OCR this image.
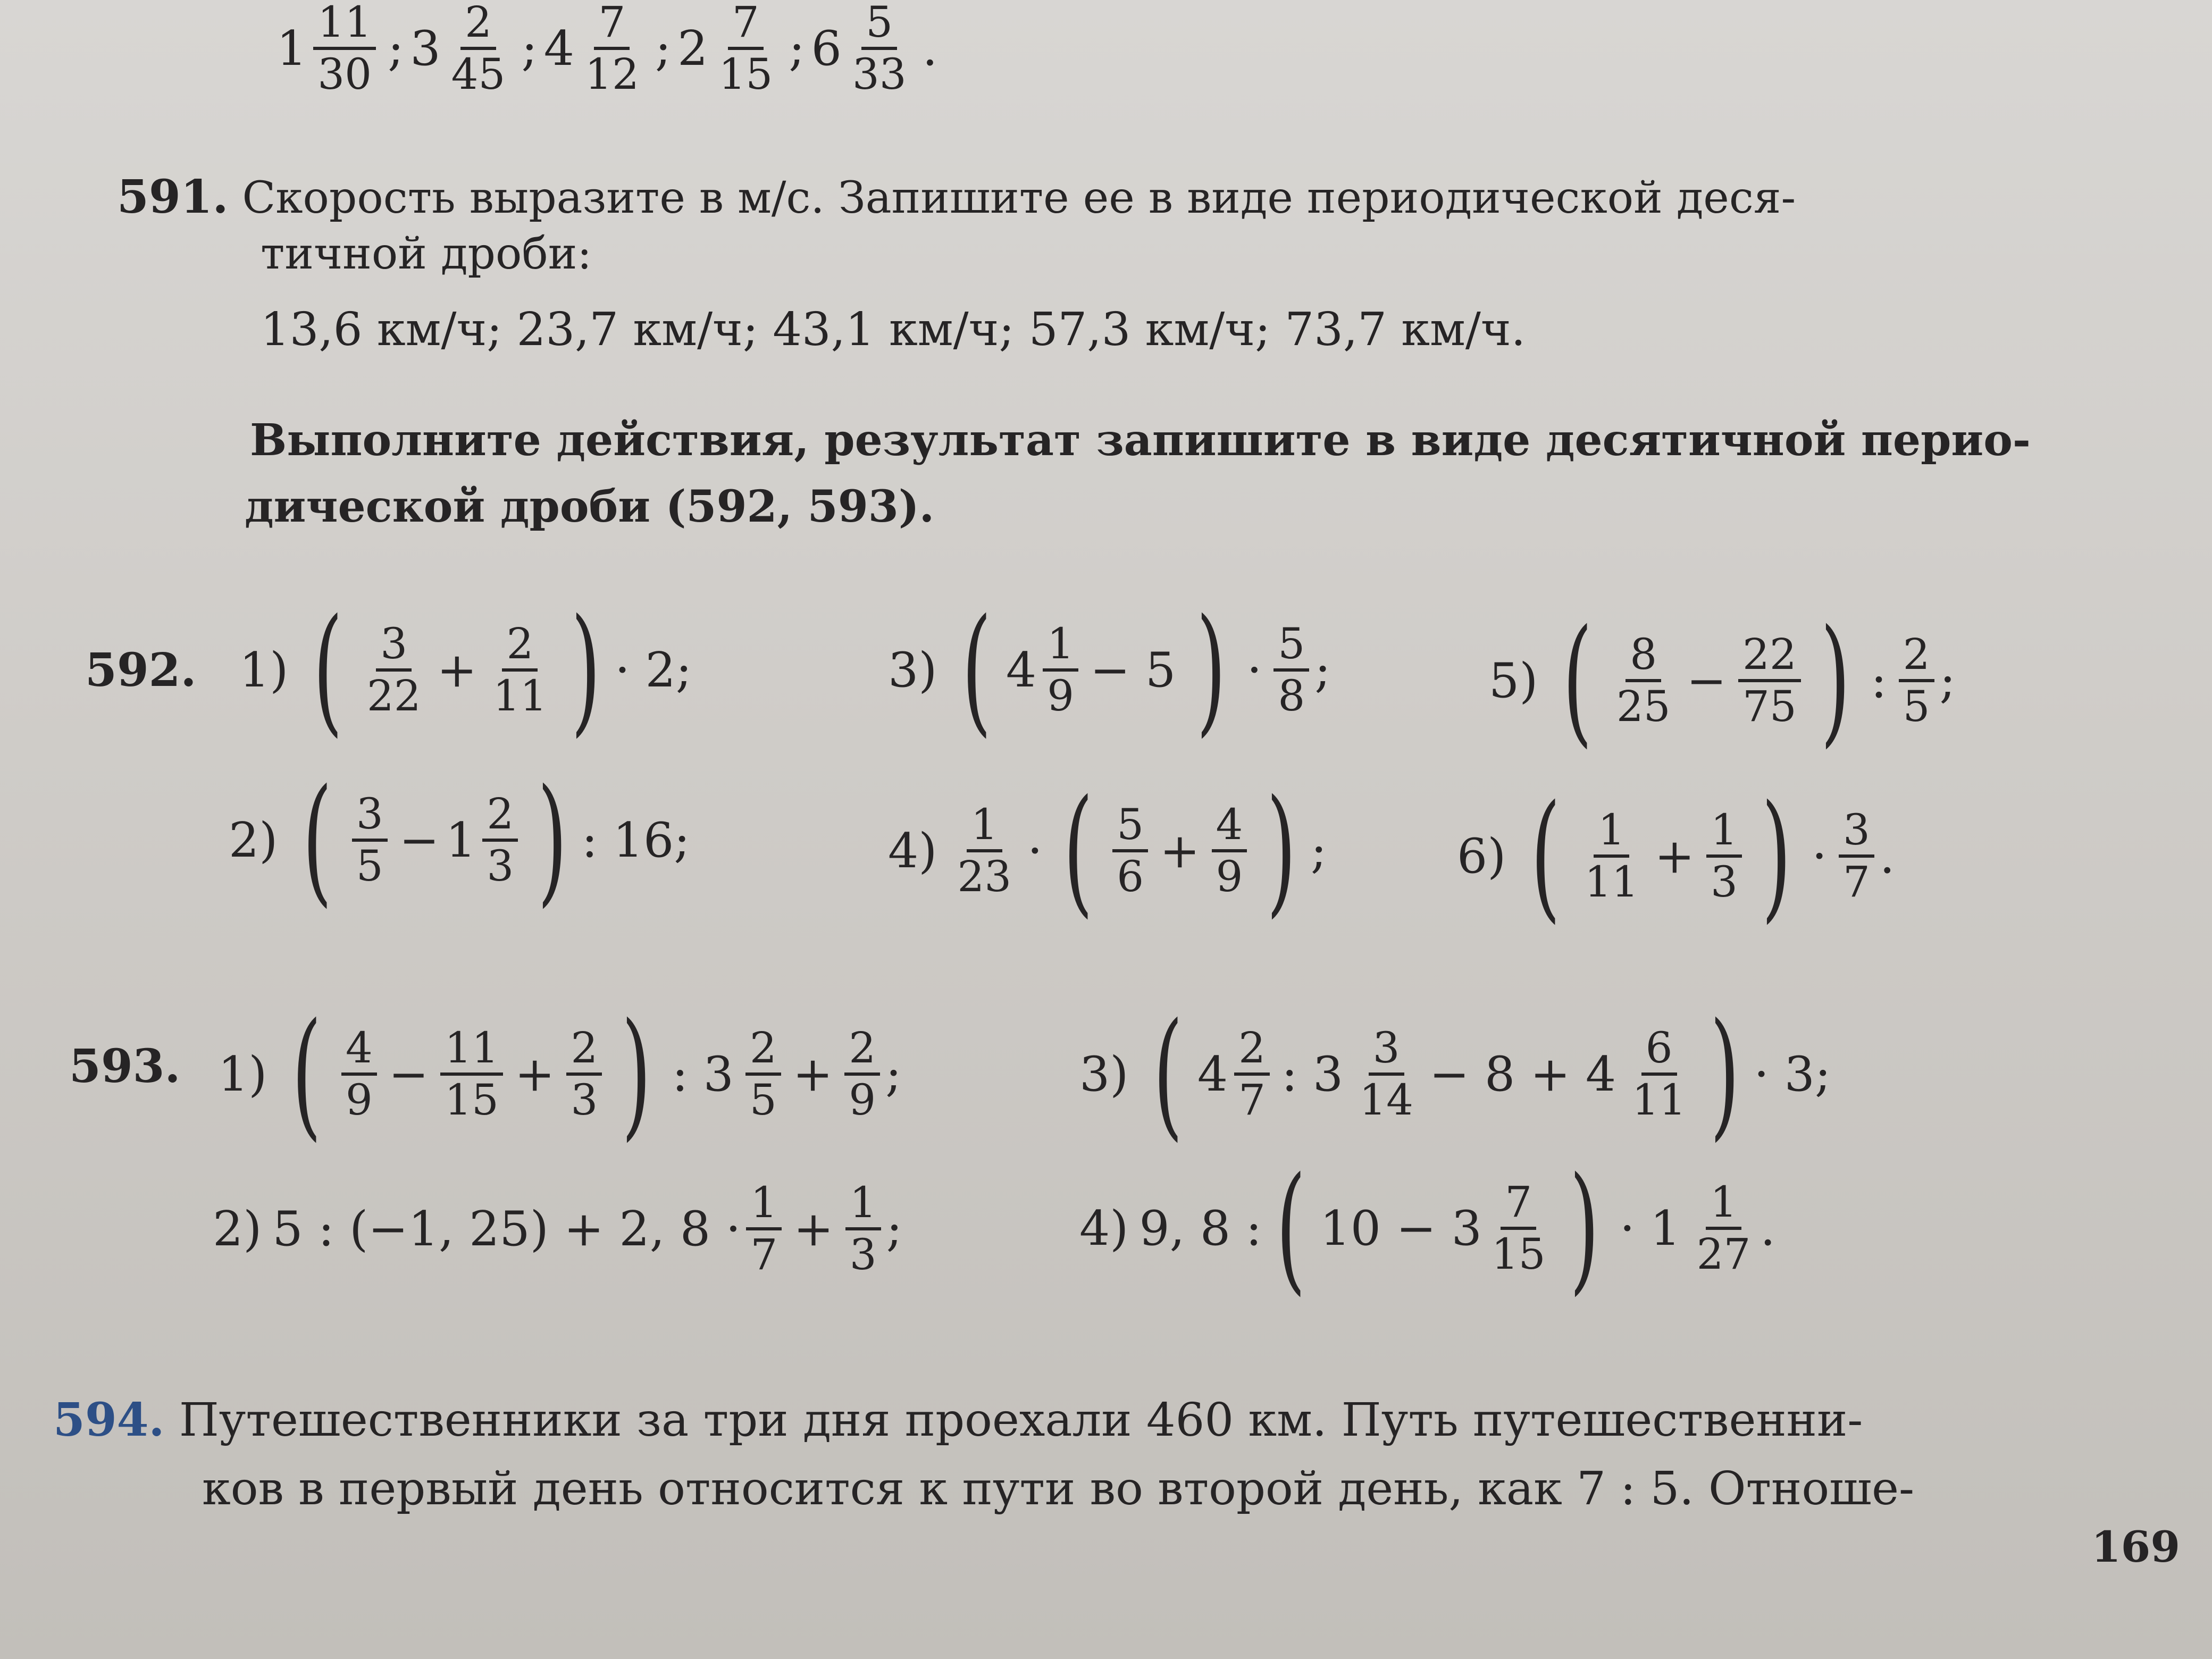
$1 \frac{11}{30}$ ; $3 \frac{2}{45}$ ; $4 \frac{7}{12}$ ; $2 \frac{7}{15}$ ; $6 \frac{5}{33}$ .
591. Скорость выразите в м/с. Запишите ее в виде периодической деся-
тичной дроби:
13,6 км/ч; 23,7 км/ч; 43,1 км/ч; 57,3 км/ч; 73,7 км/ч.
Выполните действия, результат запишите в виде десятичной перио-
дической дроби (592, 593).
592. 1) ( $\frac{3}{22} + \frac{2}{11}$ ) · 2;	3) ( $4 \frac{1}{9} - 5$ ) · $\frac{5}{8}$ ;	5) ( $\frac{8}{25} - \frac{22}{75}$ ) : $\frac{2}{5}$ ;
2) ( $\frac{3}{5} - 1 \frac{2}{3}$ ) : 16;	$4) \frac{1}{23}$ · ( $\frac{5}{6} + \frac{4}{9}$ ) ;	6) ( $\frac{1}{11} + \frac{1}{3}$ ) · $\frac{3}{7}$ .
593. 1) ( $\frac{4}{9} - \frac{11}{15} + \frac{2}{3}$ ) : $3 \frac{2}{5} + \frac{2}{9}$ ;	3) ( $4 \frac{2}{7}$ : $3 \frac{3}{14} - 8 + 4 \frac{6}{11}$ ) · 3;
2) 5 : (−1, 25) + 2, $8 \cdot \frac{1}{7} + \frac{1}{3}$ ;	4) 9, 8 : ( $10 - 3 \frac{7}{15}$ ) · $1 \frac{1}{27}$ .
594. Путешественники за три дня проехали 460 км. Путь путешественни-
ков в первый день относится к пути во второй день, как 7 : 5. Отноше-
169
